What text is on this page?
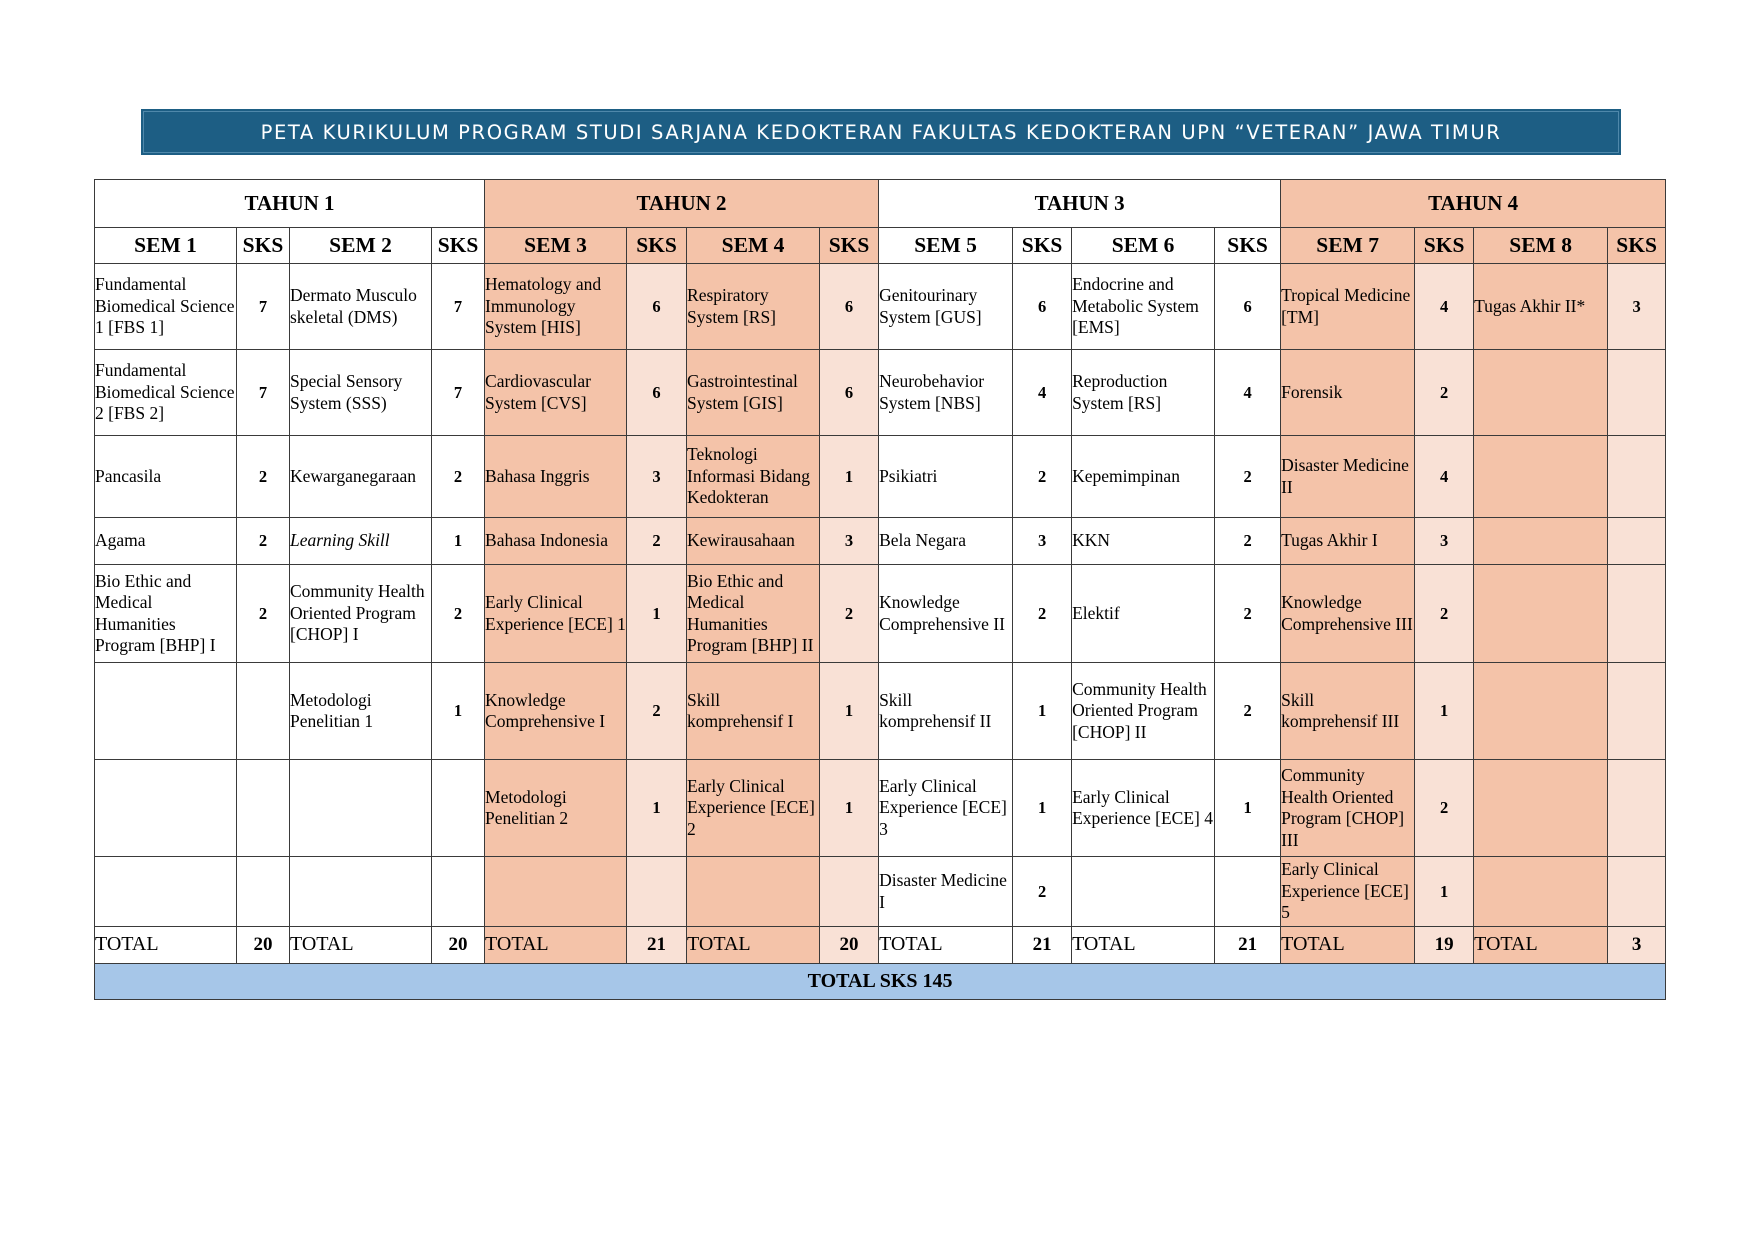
PETA KURIKULUM PROGRAM STUDI SARJANA KEDOKTERAN FAKULTAS KEDOKTERAN UPN “VETERAN” JAWA TIMUR
TAHUN 1				TAHUN 2				TAHUN 3				TAHUN 4			
SEM 1	SKS	SEM 2	SKS	SEM 3	SKS	SEM 4	SKS	SEM 5	SKS	SEM 6	SKS	SEM 7	SKS	SEM 8	SKS
Fundamental Biomedical Science 1 [FBS 1]	7	Dermato Musculo skeletal (DMS)	7	Hematology and Immunology System [HIS]	6	Respiratory System [RS]	6	Genitourinary System [GUS]	6	Endocrine and Metabolic System [EMS]	6	Tropical Medicine [TM]	4	Tugas Akhir II*	3
Fundamental Biomedical Science 2 [FBS 2]	7	Special Sensory System (SSS)	7	Cardiovascular System [CVS]	6	Gastrointestinal System [GIS]	6	Neurobehavior System [NBS]	4	Reproduction System [RS]	4	Forensik	2		
Pancasila	2	Kewarganegaraan	2	Bahasa Inggris	3	Teknologi Informasi Bidang Kedokteran	1	Psikiatri	2	Kepemimpinan	2	Disaster Medicine II	4		
Agama	2	Learning Skill	1	Bahasa Indonesia	2	Kewirausahaan	3	Bela Negara	3	KKN	2	Tugas Akhir I	3		
Bio Ethic and Medical Humanities Program [BHP] I	2	Community Health Oriented Program [CHOP] I	2	Early Clinical Experience [ECE] 1	1	Bio Ethic and Medical Humanities Program [BHP] II	2	Knowledge Comprehensive II	2	Elektif	2	Knowledge Comprehensive III	2		
		Metodologi Penelitian 1	1	Knowledge Comprehensive I	2	Skill komprehensif I	1	Skill komprehensif II	1	Community Health Oriented Program [CHOP] II	2	Skill komprehensif III	1		
				Metodologi Penelitian 2	1	Early Clinical Experience [ECE] 2	1	Early Clinical Experience [ECE] 3	1	Early Clinical Experience [ECE] 4	1	Community Health Oriented Program [CHOP] III	2		
								Disaster Medicine I	2			Early Clinical Experience [ECE] 5	1		
TOTAL	20	TOTAL	20	TOTAL	21	TOTAL	20	TOTAL	21	TOTAL	21	TOTAL	19	TOTAL	3
TOTAL SKS 145															
